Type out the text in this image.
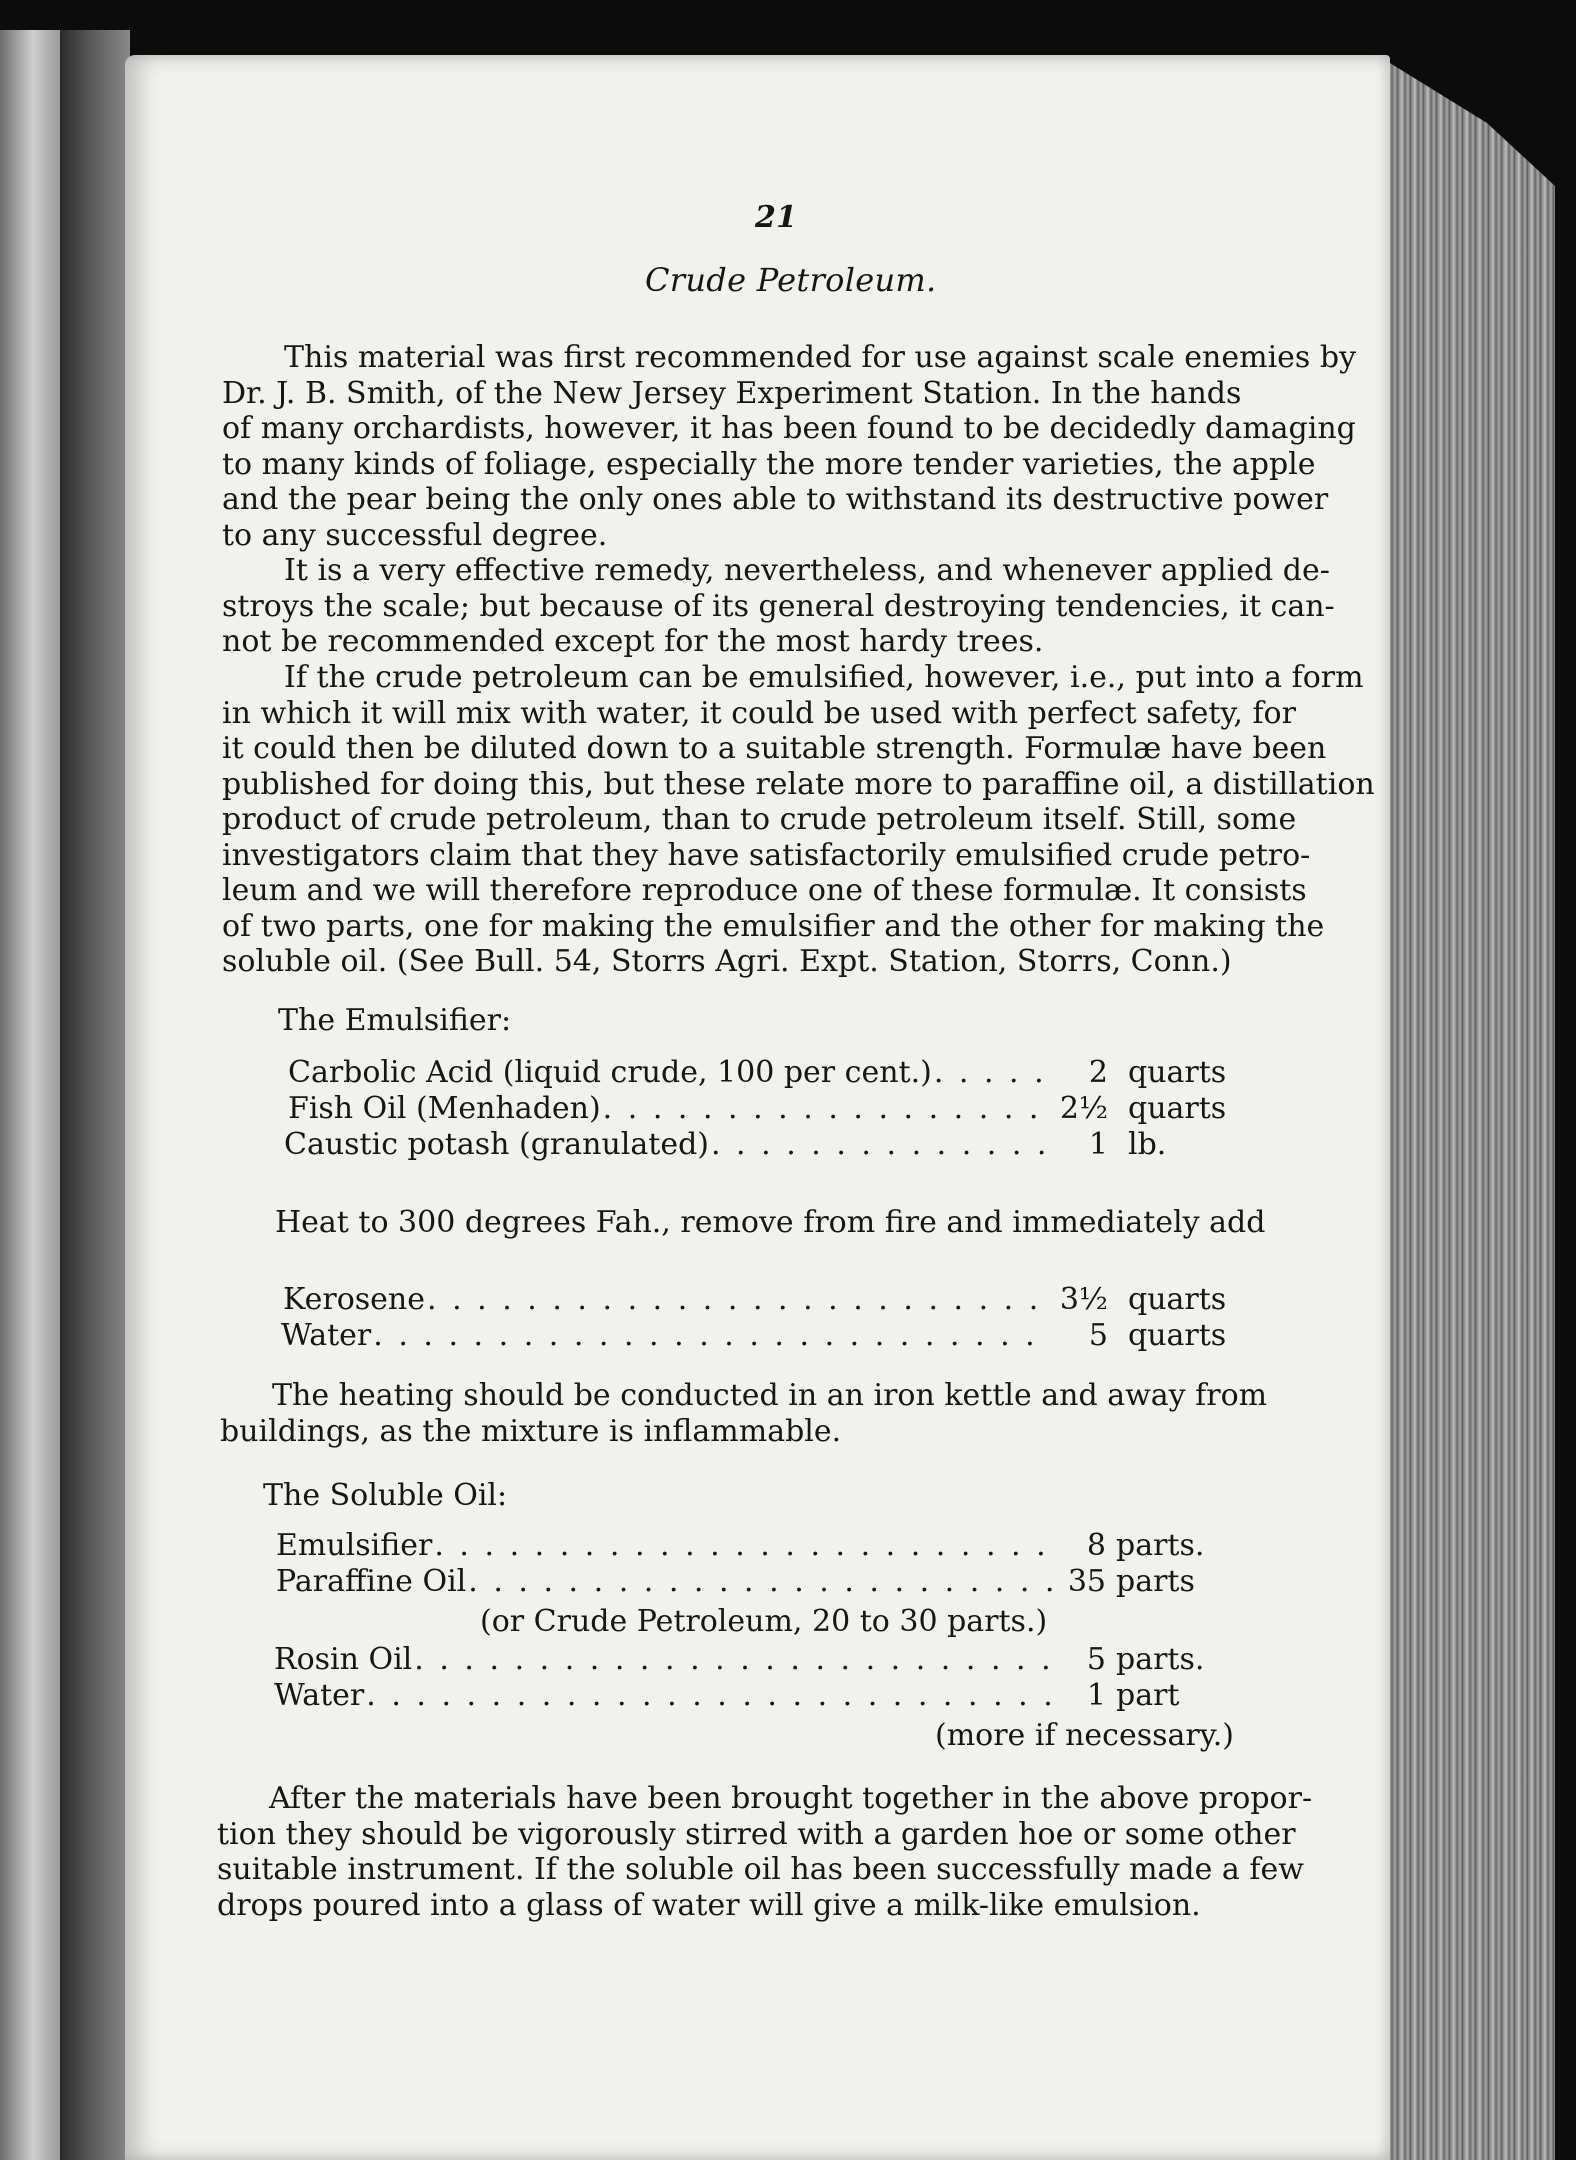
21
Crude Petroleum.
This material was first recommended for use against scale enemies by
Dr. J. B. Smith, of the New Jersey Experiment Station. In the hands
of many orchardists, however, it has been found to be decidedly damaging
to many kinds of foliage, especially the more tender varieties, the apple
and the pear being the only ones able to withstand its destructive power
to any successful degree.
It is a very effective remedy, nevertheless, and whenever applied de-
stroys the scale; but because of its general destroying tendencies, it can-
not be recommended except for the most hardy trees.
If the crude petroleum can be emulsified, however, i.e., put into a form
in which it will mix with water, it could be used with perfect safety, for
it could then be diluted down to a suitable strength. Formulæ have been
published for doing this, but these relate more to paraffine oil, a distillation
product of crude petroleum, than to crude petroleum itself. Still, some
investigators claim that they have satisfactorily emulsified crude petro-
leum and we will therefore reproduce one of these formulæ. It consists
of two parts, one for making the emulsifier and the other for making the
soluble oil. (See Bull. 54, Storrs Agri. Expt. Station, Storrs, Conn.)
The Emulsifier:
Carbolic Acid (liquid crude, 100 per cent.) . . .	2 quarts
Fish Oil (Menhaden) . . .	2½ quarts
Caustic potash (granulated) . . .	1 lb.
Heat to 300 degrees Fah., remove from fire and immediately add
Kerosene . . .	3½ quarts
Water . . .	5 quarts
The heating should be conducted in an iron kettle and away from
buildings, as the mixture is inflammable.
The Soluble Oil:
Emulsifier . . .	8 parts.
Paraffine Oil . . .	35 parts
(or Crude Petroleum, 20 to 30 parts.)
Rosin Oil . . .	5 parts.
Water . . .	1 part
(more if necessary.)
After the materials have been brought together in the above propor-
tion they should be vigorously stirred with a garden hoe or some other
suitable instrument. If the soluble oil has been successfully made a few
drops poured into a glass of water will give a milk-like emulsion.
